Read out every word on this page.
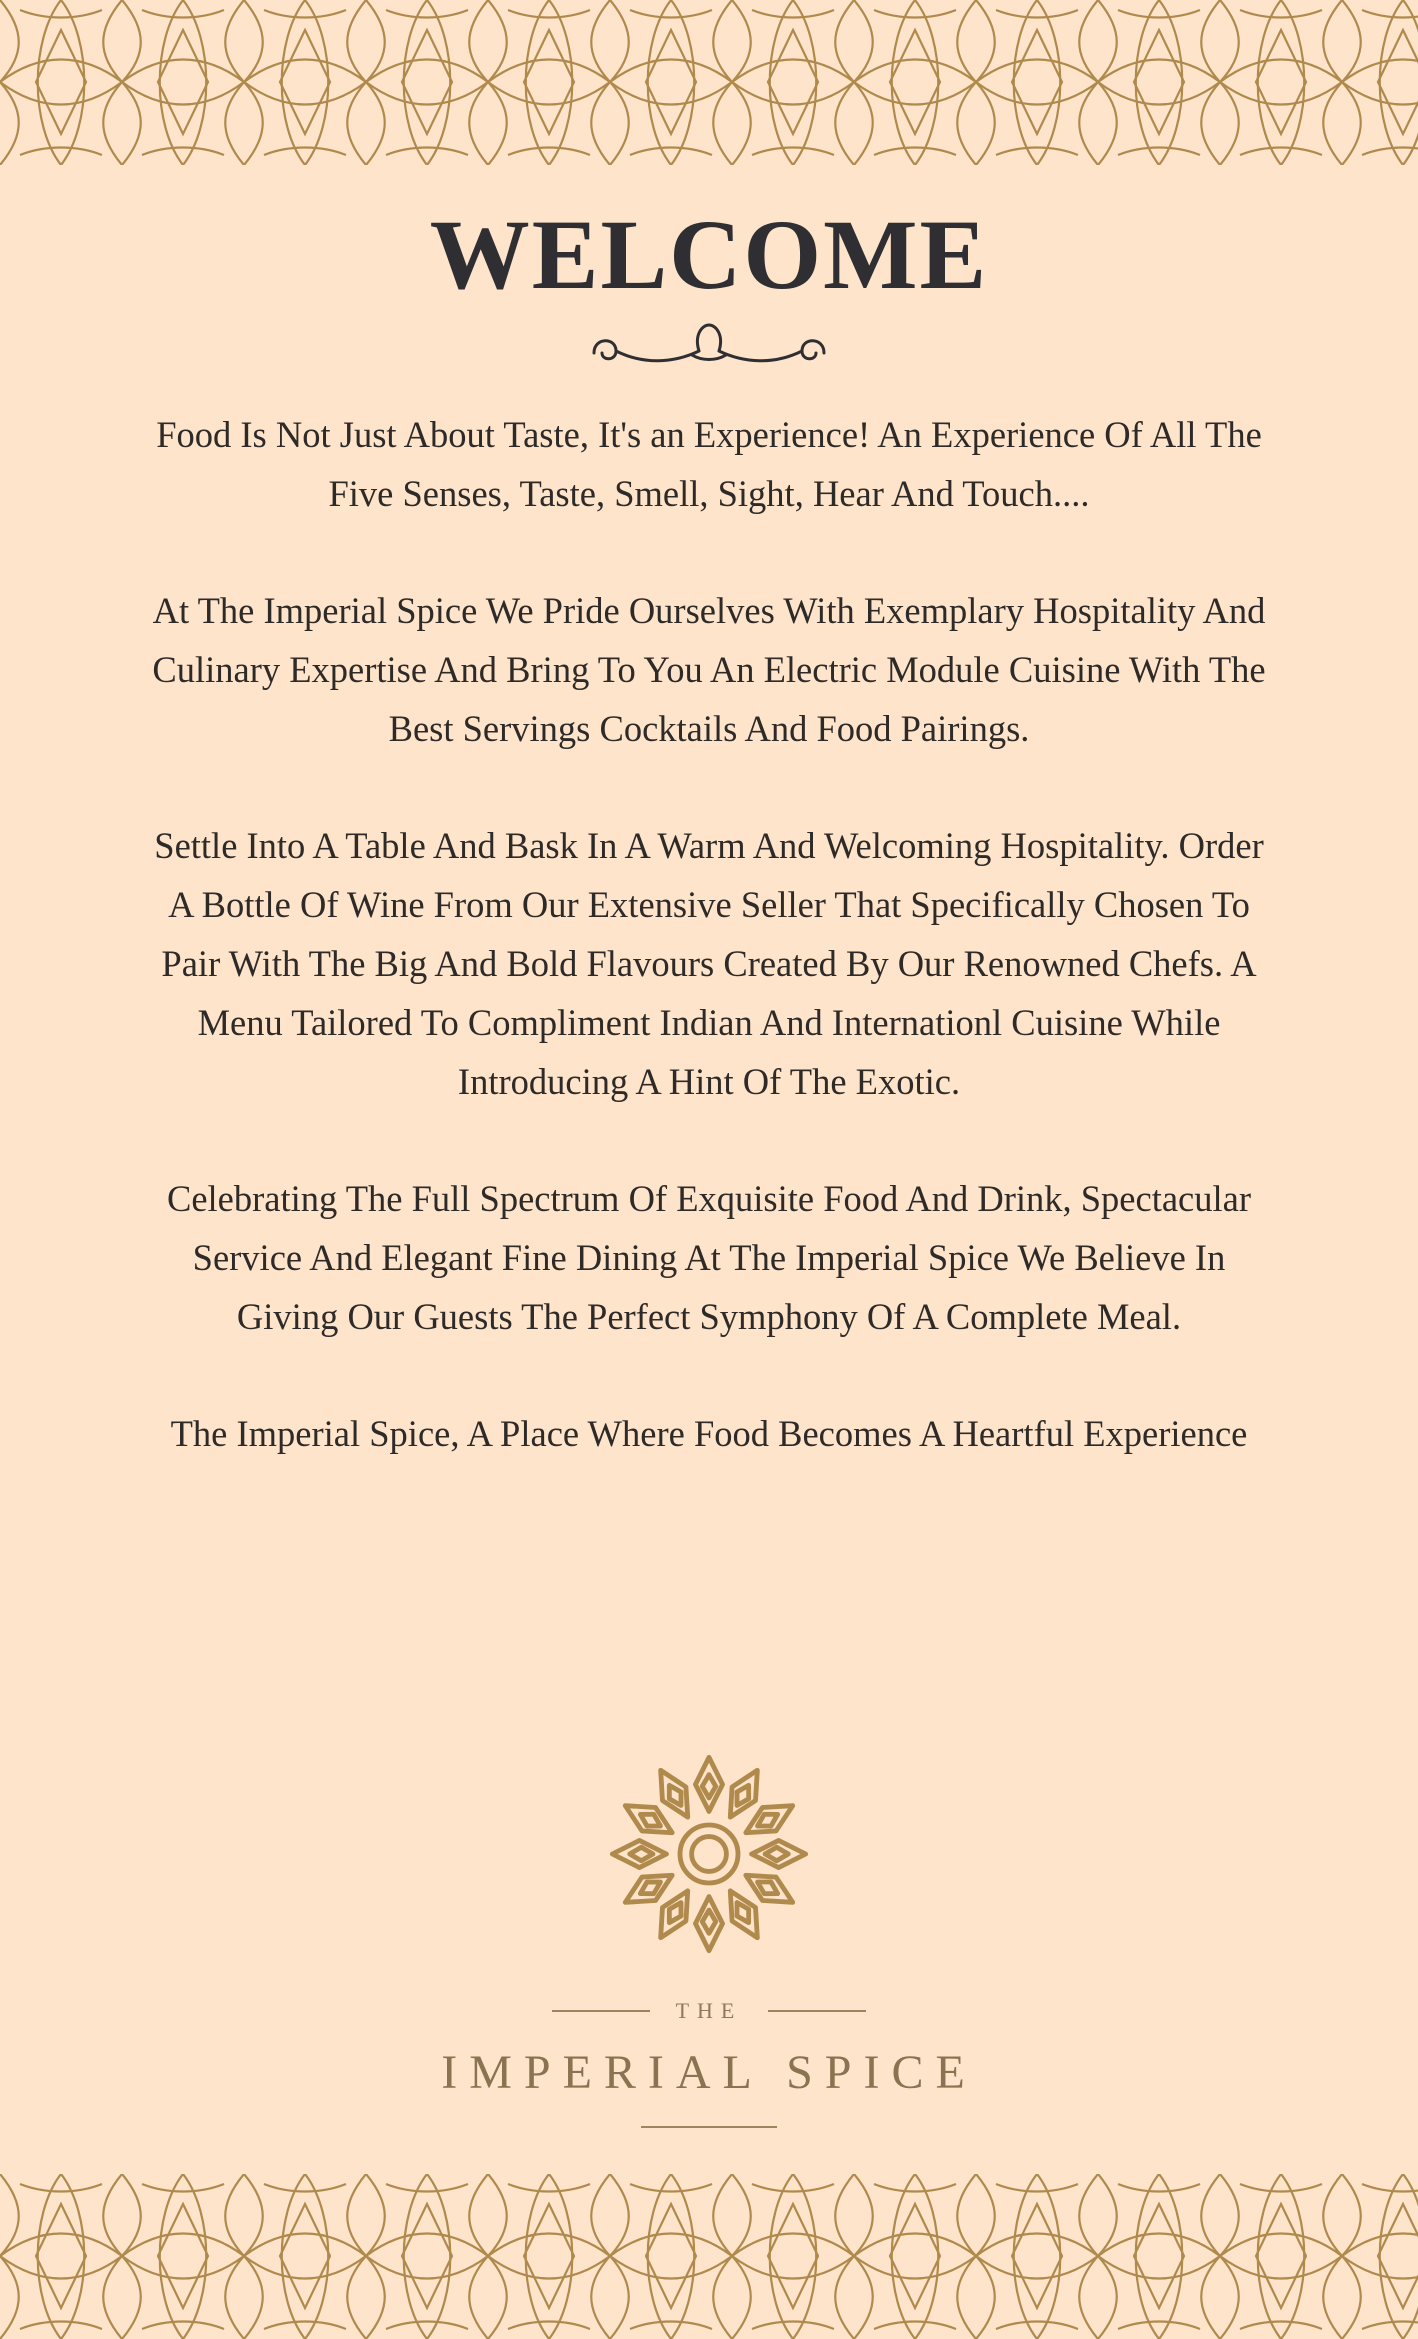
WELCOME

Food Is Not Just About Taste, It's an Experience! An Experience Of All The Five Senses, Taste, Smell, Sight, Hear And Touch....

At The Imperial Spice We Pride Ourselves With Exemplary Hospitality And Culinary Expertise And Bring To You An Electric Module Cuisine With The Best Servings Cocktails And Food Pairings.

Settle Into A Table And Bask In A Warm And Welcoming Hospitality. Order A Bottle Of Wine From Our Extensive Seller That Specifically Chosen To Pair With The Big And Bold Flavours Created By Our Renowned Chefs. A Menu Tailored To Compliment Indian And Internationl Cuisine While Introducing A Hint Of The Exotic.

Celebrating The Full Spectrum Of Exquisite Food And Drink, Spectacular Service And Elegant Fine Dining At The Imperial Spice We Believe In Giving Our Guests The Perfect Symphony Of A Complete Meal.

The Imperial Spice, A Place Where Food Becomes A Heartful Experience

THE
IMPERIAL SPICE
